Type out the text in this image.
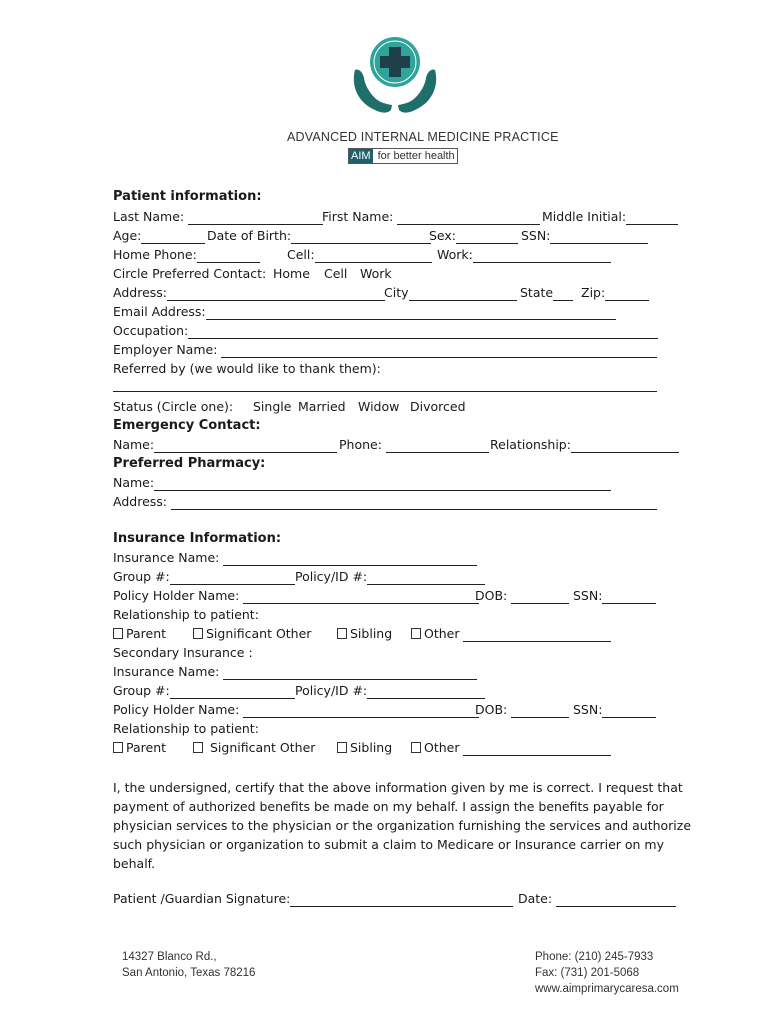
ADVANCED INTERNAL MEDICINE PRACTICE
AIM for better health
Patient information:
Last Name:	First Name:	Middle Initial:
Age:	Date of Birth:	Sex:	SSN:
Home Phone:	Cell:	Work:
Circle Preferred Contact: Home Cell Work
Address:	City	State	Zip:
Email Address:
Occupation:
Employer Name:
Referred by (we would like to thank them):
Status (Circle one): Single Married Widow Divorced
Emergency Contact:
Name:	Phone:	Relationship:
Preferred Pharmacy:
Name:
Address:
Insurance Information:
Insurance Name:
Group #:	Policy/ID #:
Policy Holder Name:	DOB:	SSN:
Relationship to patient:
Parent	Significant Other	Sibling	Other
Secondary Insurance :
Insurance Name:
Group #:	Policy/ID #:
Policy Holder Name:	DOB:	SSN:
Relationship to patient:
Parent	Significant Other	Sibling	Other
I, the undersigned, certify that the above information given by me is correct. I request that
payment of authorized benefits be made on my behalf. I assign the benefits payable for
physician services to the physician or the organization furnishing the services and authorize
such physician or organization to submit a claim to Medicare or Insurance carrier on my
behalf.
Patient /Guardian Signature:	Date:
14327 Blanco Rd.,
San Antonio, Texas 78216
Phone: (210) 245-7933
Fax: (731) 201-5068
www.aimprimarycaresa.com
